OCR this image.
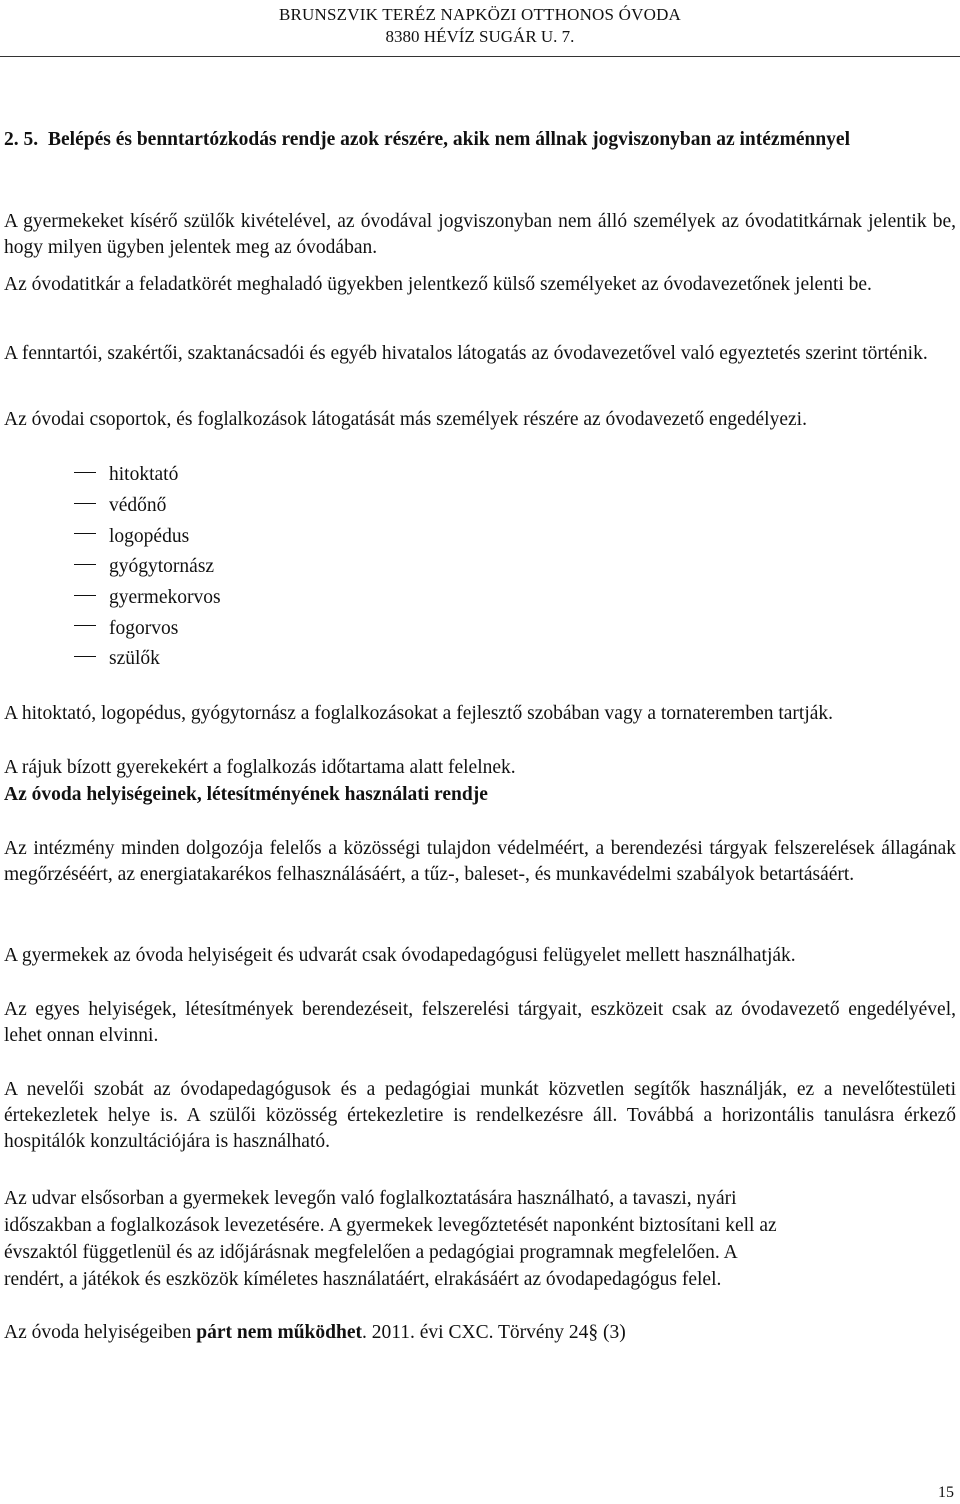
BRUNSZVIK TERÉZ NAPKÖZI OTTHONOS ÓVODA
8380 HÉVÍZ SUGÁR U. 7.
2. 5. Belépés és benntartózkodás rendje azok részére, akik nem állnak jogviszonyban az intézménnyel
A gyermekeket kísérő szülők kivételével, az óvodával jogviszonyban nem álló személyek az óvodatitkárnak jelentik be, hogy milyen ügyben jelentek meg az óvodában.
Az óvodatitkár a feladatkörét meghaladó ügyekben jelentkező külső személyeket az óvodavezetőnek jelenti be.
A fenntartói, szakértői, szaktanácsadói és egyéb hivatalos látogatás az óvodavezetővel való egyeztetés szerint történik.
Az óvodai csoportok, és foglalkozások látogatását más személyek részére az óvodavezető engedélyezi.
hitoktató
védőnő
logopédus
gyógytornász
gyermekorvos
fogorvos
szülők
A hitoktató, logopédus, gyógytornász a foglalkozásokat a fejlesztő szobában vagy a tornateremben tartják.
A rájuk bízott gyerekekért a foglalkozás időtartama alatt felelnek.
Az óvoda helyiségeinek, létesítményének használati rendje
Az intézmény minden dolgozója felelős a közösségi tulajdon védelméért, a berendezési tárgyak felszerelések állagának megőrzéséért, az energiatakarékos felhasználásáért, a tűz-, baleset-, és munkavédelmi szabályok betartásáért.
A gyermekek az óvoda helyiségeit és udvarát csak óvodapedagógusi felügyelet mellett használhatják.
Az egyes helyiségek, létesítmények berendezéseit, felszerelési tárgyait, eszközeit csak az óvodavezető engedélyével, lehet onnan elvinni.
A nevelői szobát az óvodapedagógusok és a pedagógiai munkát közvetlen segítők használják, ez a nevelőtestületi értekezletek helye is. A szülői közösség értekezletire is rendelkezésre áll. Továbbá a horizontális tanulásra érkező hospitálók konzultációjára is használható.
Az udvar elsősorban a gyermekek levegőn való foglalkoztatására használható, a tavaszi, nyári
időszakban a foglalkozások levezetésére. A gyermekek levegőztetését naponként biztosítani kell az
évszaktól függetlenül és az időjárásnak megfelelően a pedagógiai programnak megfelelően. A
rendért, a játékok és eszközök kíméletes használatáért, elrakásáért az óvodapedagógus felel.
Az óvoda helyiségeiben párt nem működhet. 2011. évi CXC. Törvény 24§ (3)
15
